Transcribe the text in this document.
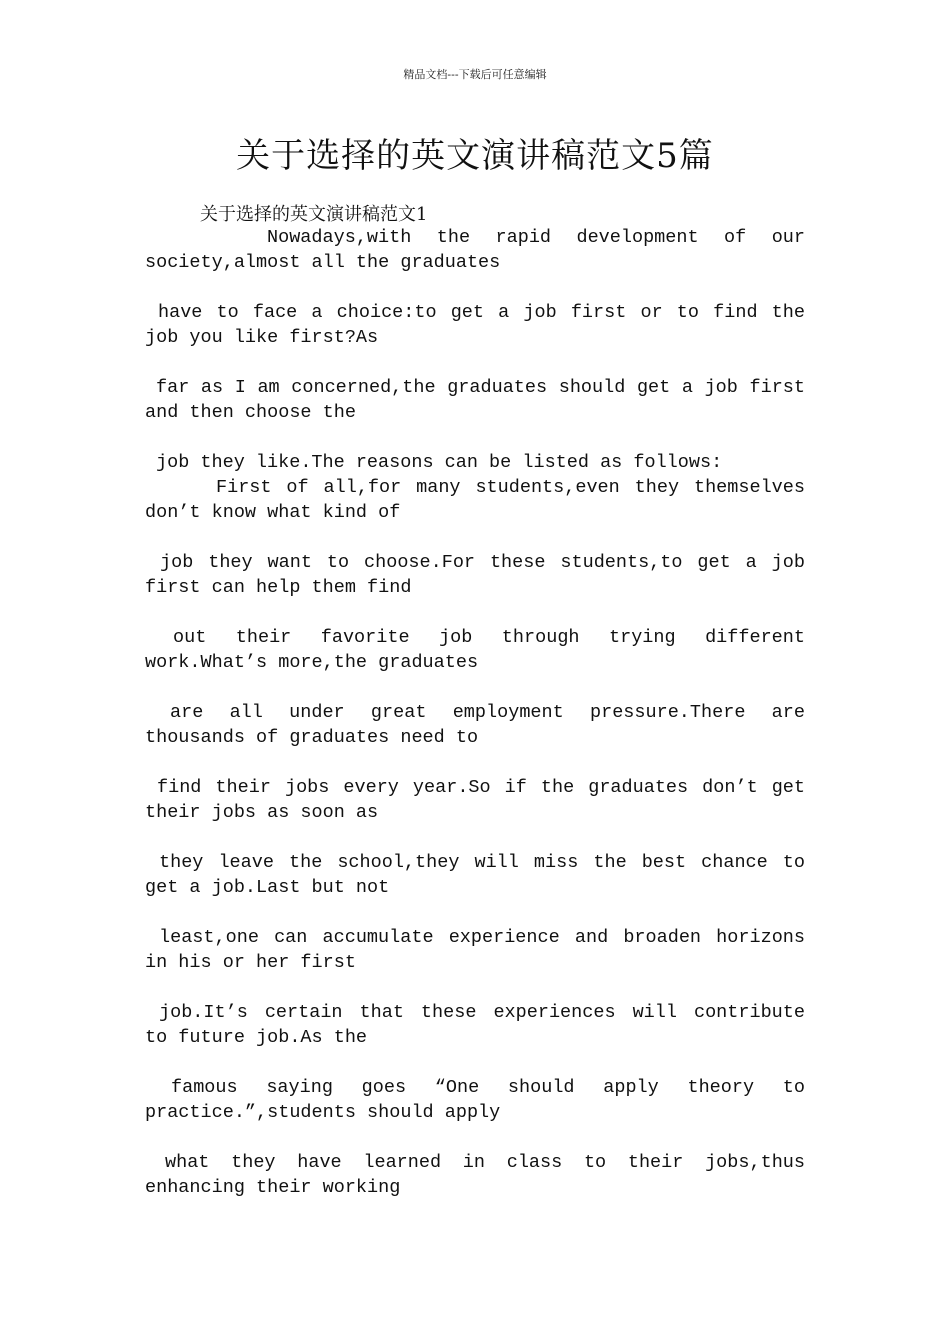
精品文档---下载后可任意编辑
关于选择的英文演讲稿范文5篇
关于选择的英文演讲稿范文1
Nowadays,with the rapid development of our
society,almost all the graduates
have to face a choice:to get a job first or to find the
job you like first?As
far as I am concerned,the graduates should get a job first
and then choose the
job they like.The reasons can be listed as follows:
First of all,for many students,even they themselves
don’t know what kind of
job they want to choose.For these students,to get a job
first can help them find
out their favorite job through trying different
work.What’s more,the graduates
are all under great employment pressure.There are
thousands of graduates need to
find their jobs every year.So if the graduates don’t get
their jobs as soon as
they leave the school,they will miss the best chance to
get a job.Last but not
least,one can accumulate experience and broaden horizons
in his or her first
job.It’s certain that these experiences will contribute
to future job.As the
famous saying goes “One should apply theory to
practice.”,students should apply
what they have learned in class to their jobs,thus
enhancing their working
